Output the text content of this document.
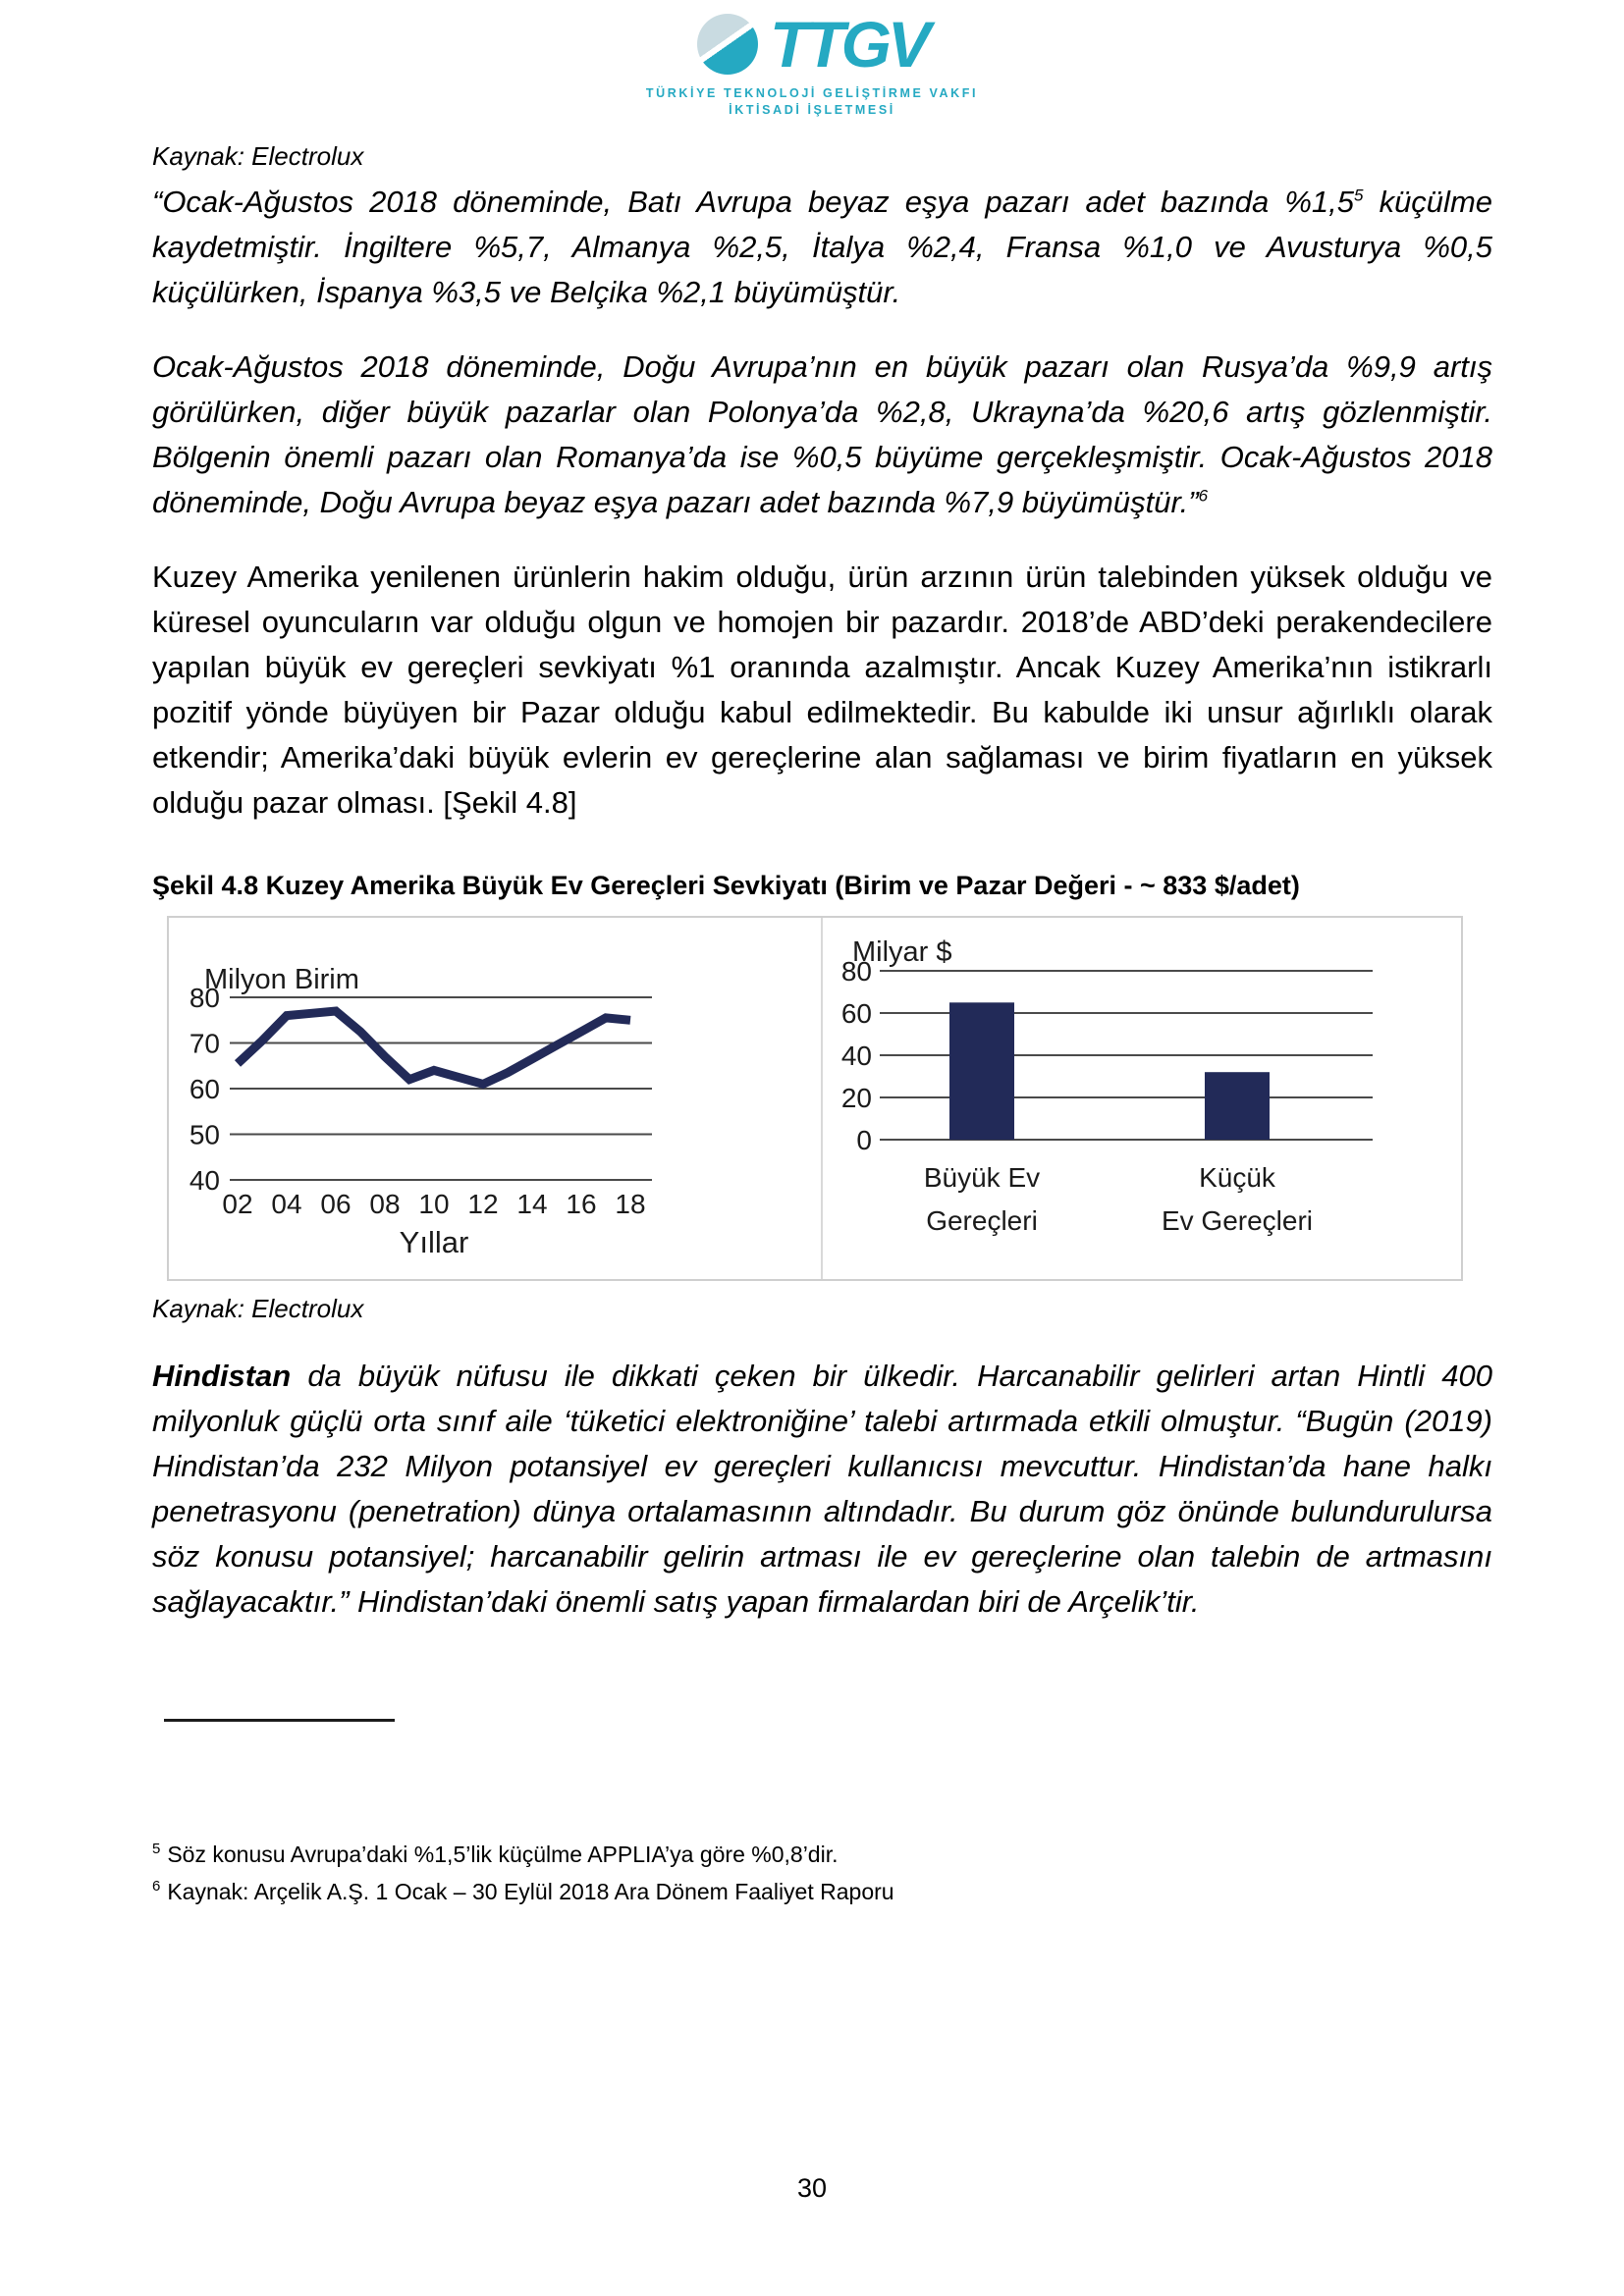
TTGV
TÜRKİYE TEKNOLOJİ GELİŞTİRME VAKFI
İKTİSADİ İŞLETMESİ
Kaynak: Electrolux

“Ocak-Ağustos 2018 döneminde, Batı Avrupa beyaz eşya pazarı adet bazında $\%1,5^5$ küçülme kaydetmiştir. İngiltere %5,7, Almanya %2,5, İtalya %2,4, Fransa %1,0 ve Avusturya %0,5 küçülürken, İspanya %3,5 ve Belçika %2,1 büyümüştür.

Ocak-Ağustos 2018 döneminde, Doğu Avrupa’nın en büyük pazarı olan Rusya’da %9,9 artış görülürken, diğer büyük pazarlar olan Polonya’da %2,8, Ukrayna’da %20,6 artış gözlenmiştir. Bölgenin önemli pazarı olan Romanya’da ise %0,5 büyüme gerçekleşmiştir. Ocak-Ağustos 2018 döneminde, Doğu Avrupa beyaz eşya pazarı adet bazında %7,9 büyümüştür.”$^6$

Kuzey Amerika yenilenen ürünlerin hakim olduğu, ürün arzının ürün talebinden yüksek olduğu ve küresel oyuncuların var olduğu olgun ve homojen bir pazardır. 2018’de ABD’deki perakendecilere yapılan büyük ev gereçleri sevkiyatı %1 oranında azalmıştır. Ancak Kuzey Amerika’nın istikrarlı pozitif yönde büyüyen bir Pazar olduğu kabul edilmektedir. Bu kabulde iki unsur ağırlıklı olarak etkendir; Amerika’daki büyük evlerin ev gereçlerine alan sağlaması ve birim fiyatların en yüksek olduğu pazar olması. [Şekil 4.8]

Şekil 4.8 Kuzey Amerika Büyük Ev Gereçleri Sevkiyatı (Birim ve Pazar Değeri - ~ 833 $/adet)
Milyon Birim
80
70
60
50
40
02 04 06 08 10 12 14 16 18
Yıllar
Milyar $
80
60
40
20
0
Büyük Ev
Gereçleri
Küçük
Ev Gereçleri
Kaynak: Electrolux

Hindistan da büyük nüfusu ile dikkati çeken bir ülkedir. Harcanabilir gelirleri artan Hintli 400 milyonluk güçlü orta sınıf aile ‘tüketici elektroniğine’ talebi artırmada etkili olmuştur. “Bugün (2019) Hindistan’da 232 Milyon potansiyel ev gereçleri kullanıcısı mevcuttur. Hindistan’da hane halkı penetrasyonu (penetration) dünya ortalamasının altındadır. Bu durum göz önünde bulundurulursa söz konusu potansiyel; harcanabilir gelirin artması ile ev gereçlerine olan talebin de artmasını sağlayacaktır.” Hindistan’daki önemli satış yapan firmalardan biri de Arçelik’tir.

$^5$ Söz konusu Avrupa’daki %1,5’lik küçülme APPLIA’ya göre %0,8’dir.
$^6$ Kaynak: Arçelik A.Ş. 1 Ocak – 30 Eylül 2018 Ara Dönem Faaliyet Raporu
30
